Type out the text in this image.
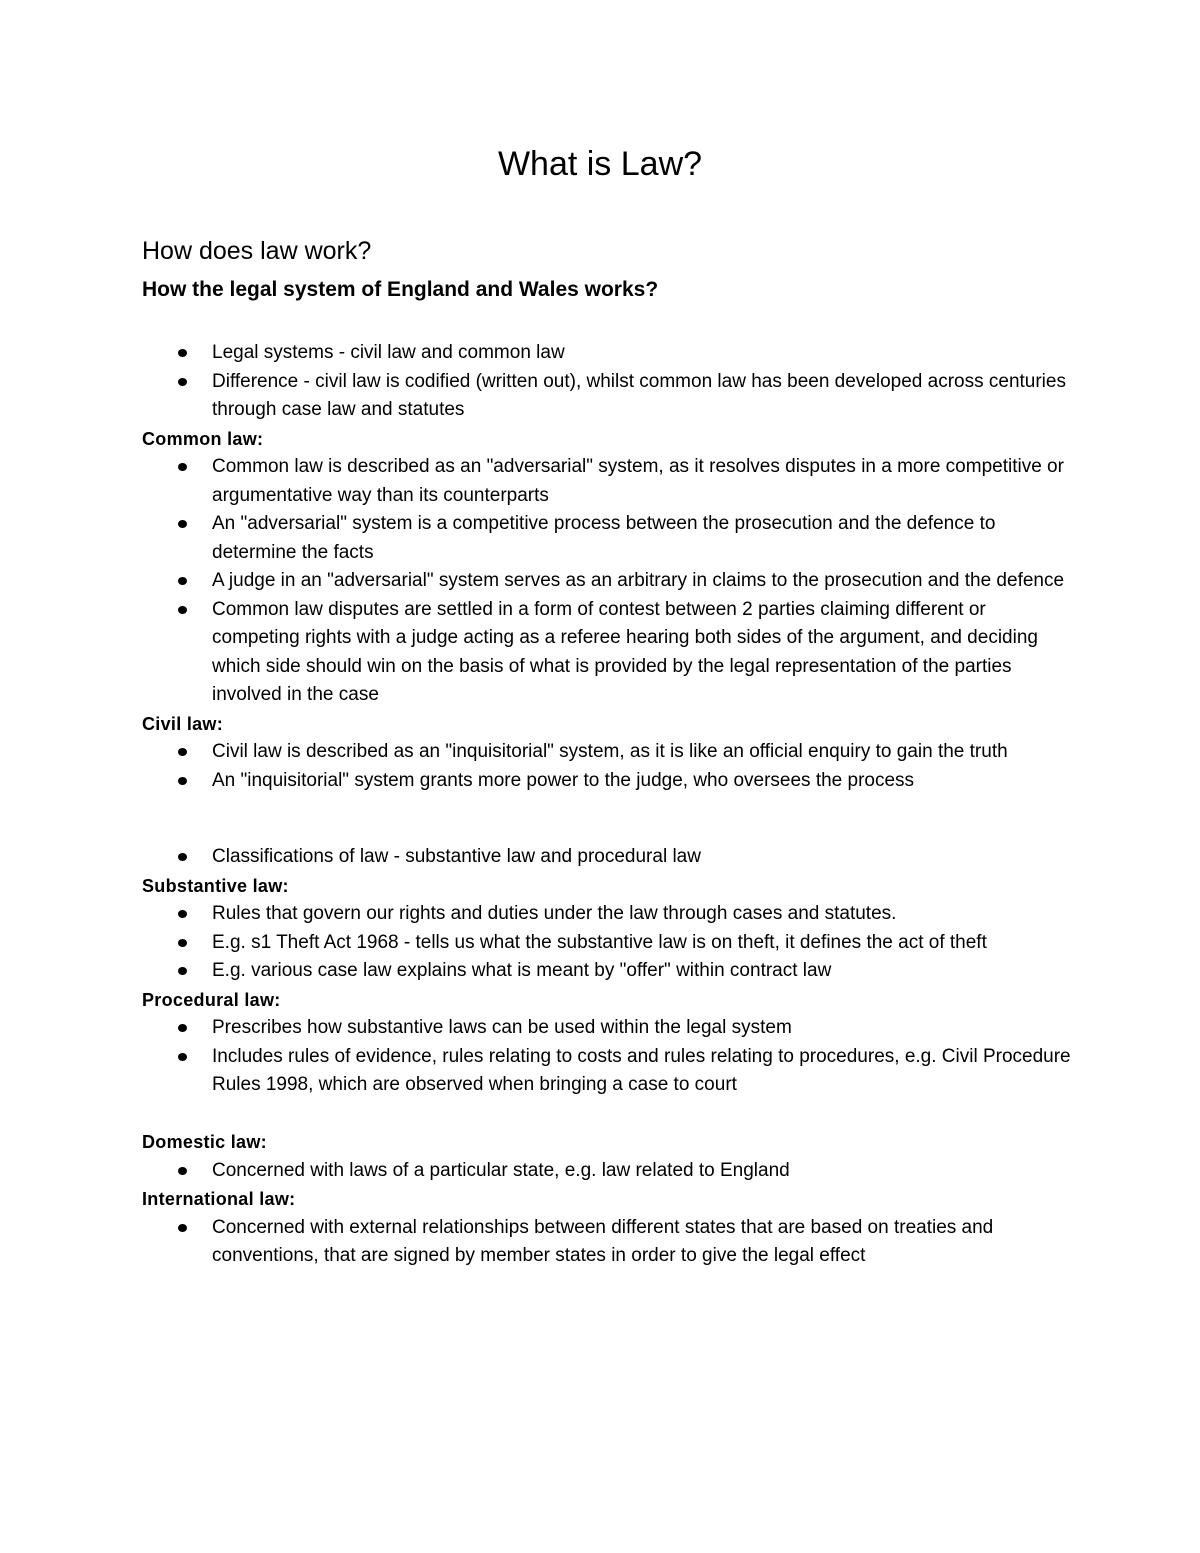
What is Law?
How does law work?
How the legal system of England and Wales works?
Legal systems - civil law and common law
Difference - civil law is codified (written out), whilst common law has been developed across centuries through case law and statutes

Common law:

Common law is described as an "adversarial" system, as it resolves disputes in a more competitive or argumentative way than its counterparts
An "adversarial" system is a competitive process between the prosecution and the defence to determine the facts
A judge in an "adversarial" system serves as an arbitrary in claims to the prosecution and the defence
Common law disputes are settled in a form of contest between 2 parties claiming different or competing rights with a judge acting as a referee hearing both sides of the argument, and deciding which side should win on the basis of what is provided by the legal representation of the parties involved in the case

Civil law:

Civil law is described as an "inquisitorial" system, as it is like an official enquiry to gain the truth
An "inquisitorial" system grants more power to the judge, who oversees the process
Classifications of law - substantive law and procedural law

Substantive law:

Rules that govern our rights and duties under the law through cases and statutes.
E.g. s1 Theft Act 1968 - tells us what the substantive law is on theft, it defines the act of theft
E.g. various case law explains what is meant by "offer" within contract law

Procedural law:

Prescribes how substantive laws can be used within the legal system
Includes rules of evidence, rules relating to costs and rules relating to procedures, e.g. Civil Procedure Rules 1998, which are observed when bringing a case to court

Domestic law:

Concerned with laws of a particular state, e.g. law related to England

International law:

Concerned with external relationships between different states that are based on treaties and conventions, that are signed by member states in order to give the legal effect
